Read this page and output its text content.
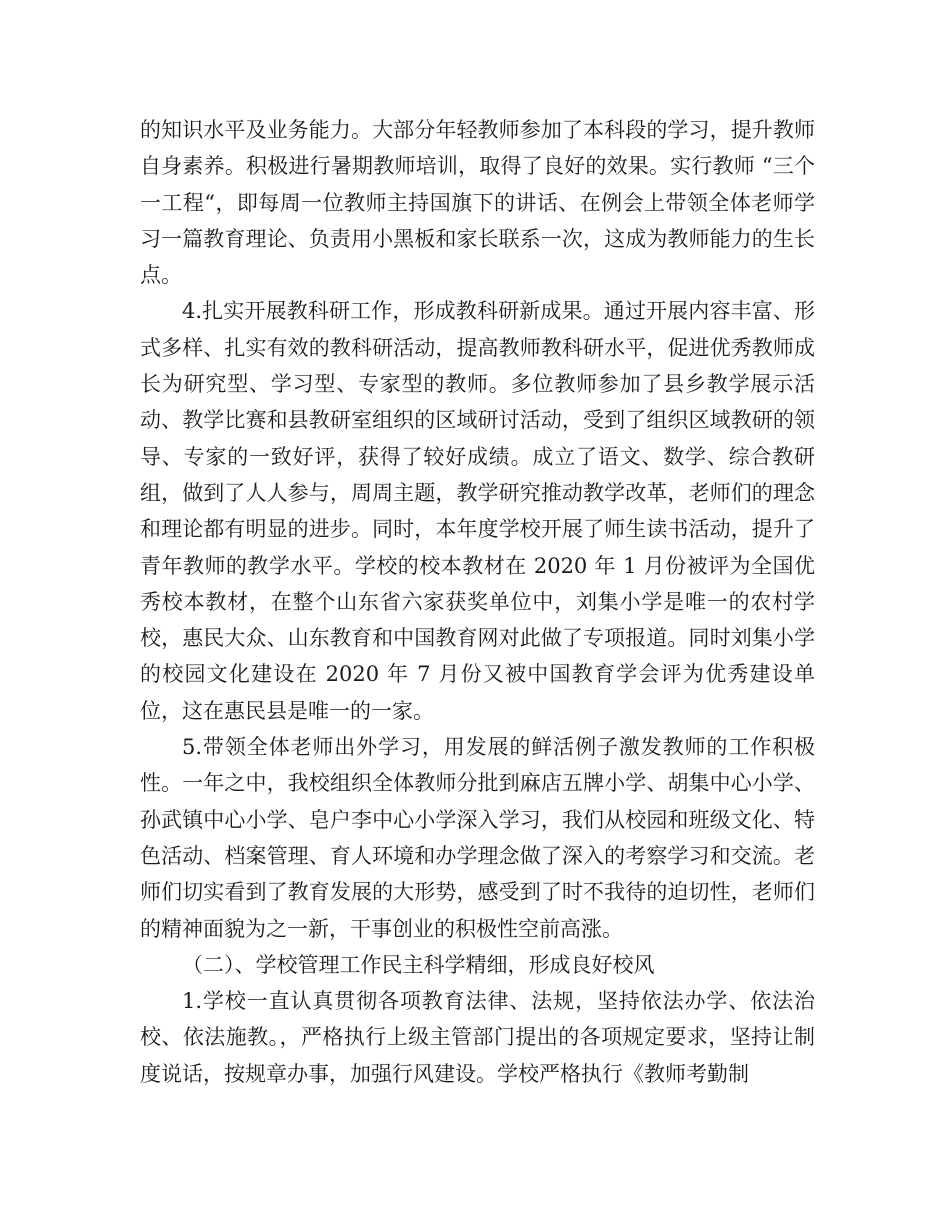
的知识水平及业务能力。大部分年轻教师参加了本科段的学习，提升教师自身素养。积极进行暑期教师培训，取得了良好的效果。实行教师 “三个一工程“，即每周一位教师主持国旗下的讲话、在例会上带领全体老师学习一篇教育理论、负责用小黑板和家长联系一次，这成为教师能力的生长点。

4.扎实开展教科研工作，形成教科研新成果。通过开展内容丰富、形式多样、扎实有效的教科研活动，提高教师教科研水平，促进优秀教师成长为研究型、学习型、专家型的教师。多位教师参加了县乡教学展示活动、教学比赛和县教研室组织的区域研讨活动，受到了组织区域教研的领导、专家的一致好评，获得了较好成绩。成立了语文、数学、综合教研组，做到了人人参与，周周主题，教学研究推动教学改革，老师们的理念和理论都有明显的进步。同时，本年度学校开展了师生读书活动，提升了青年教师的教学水平。学校的校本教材在 2020 年 1 月份被评为全国优秀校本教材，在整个山东省六家获奖单位中，刘集小学是唯一的农村学校，惠民大众、山东教育和中国教育网对此做了专项报道。同时刘集小学的校园文化建设在 2020 年 7 月份又被中国教育学会评为优秀建设单位，这在惠民县是唯一的一家。

5.带领全体老师出外学习，用发展的鲜活例子激发教师的工作积极性。一年之中，我校组织全体教师分批到麻店五牌小学、胡集中心小学、孙武镇中心小学、皂户李中心小学深入学习，我们从校园和班级文化、特色活动、档案管理、育人环境和办学理念做了深入的考察学习和交流。老师们切实看到了教育发展的大形势，感受到了时不我待的迫切性，老师们的精神面貌为之一新，干事创业的积极性空前高涨。

（二）、学校管理工作民主科学精细，形成良好校风

1.学校一直认真贯彻各项教育法律、法规，坚持依法办学、依法治校、依法施教。，严格执行上级主管部门提出的各项规定要求，坚持让制度说话，按规章办事，加强行风建设。学校严格执行《教师考勤制
